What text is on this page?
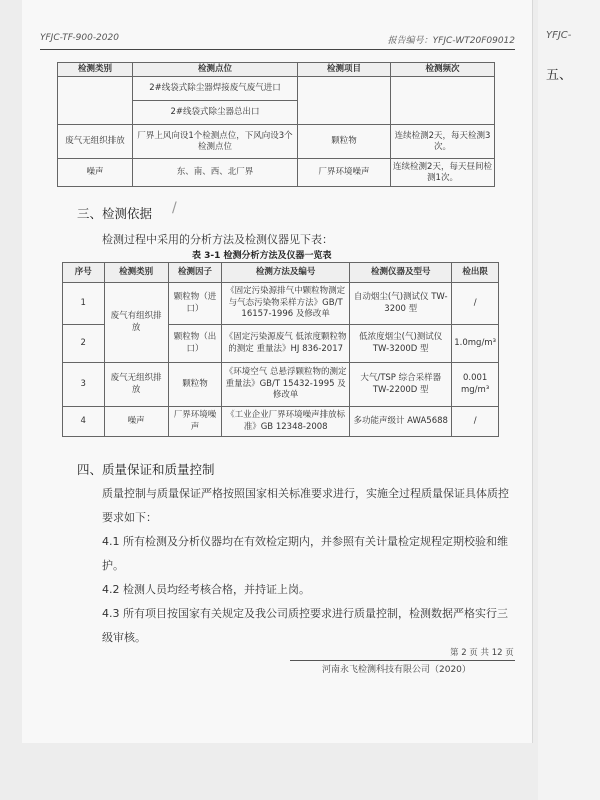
YFJC-
五、
YFJC-TF-900-2020	报告编号：YFJC-WT20F09012
检测类别	检测点位	检测项目	检测频次
	2#线袋式除尘器焊接废气废气进口		
	2#线袋式除尘器总出口		
废气无组织排放	厂界上风向设1个检测点位，下风向设3个检测点位	颗粒物	连续检测2天，每天检测3次。
噪声	东、南、西、北厂界	厂界环境噪声	连续检测2天，每天昼间检测1次。
三、检测依据 /
检测过程中采用的分析方法及检测仪器见下表：
表 3-1 检测分析方法及仪器一览表
序号	检测类别	检测因子	检测方法及编号	检测仪器及型号	检出限
1	废气有组织排放	颗粒物（进口）	《固定污染源排气中颗粒物测定与气态污染物采样方法》GB/T 16157-1996 及修改单	自动烟尘(气)测试仪 TW-3200 型	/
2		颗粒物（出口）	《固定污染源废气 低浓度颗粒物的测定 重量法》HJ 836-2017	低浓度烟尘(气)测试仪 TW-3200D 型	1.0mg/m³
3	废气无组织排放	颗粒物	《环境空气 总悬浮颗粒物的测定 重量法》GB/T 15432-1995 及修改单	大气/TSP 综合采样器 TW-2200D 型	0.001 mg/m³
4	噪声	厂界环境噪声	《工业企业厂界环境噪声排放标准》GB 12348-2008	多功能声级计 AWA5688	/
四、质量保证和质量控制
质量控制与质量保证严格按照国家相关标准要求进行，实施全过程质量保证具体质控要求如下：
4.1 所有检测及分析仪器均在有效检定期内，并参照有关计量检定规程定期校验和维护。
4.2 检测人员均经考核合格，并持证上岗。
4.3 所有项目按国家有关规定及我公司质控要求进行质量控制，检测数据严格实行三级审核。
第 2 页 共 12 页
河南永飞检测科技有限公司（2020）
